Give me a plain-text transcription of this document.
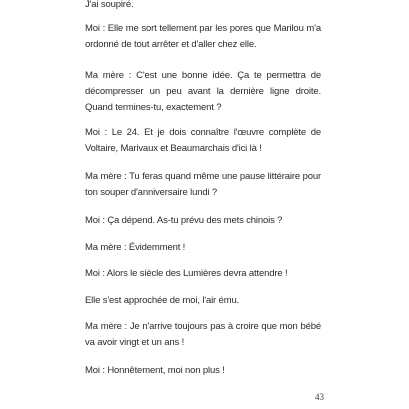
J'ai soupiré.

Moi : Elle me sort tellement par les pores que Marilou m'a ordonné de tout arrêter et d'aller chez elle.

Ma mère : C'est une bonne idée. Ça te permettra de décompresser un peu avant la dernière ligne droite. Quand termines-tu, exactement ?

Moi : Le 24. Et je dois connaître l'œuvre complète de Voltaire, Marivaux et Beaumarchais d'ici là !

Ma mère : Tu feras quand même une pause littéraire pour ton souper d'anniversaire lundi ?

Moi : Ça dépend. As-tu prévu des mets chinois ?

Ma mère : Évidemment !

Moi : Alors le siècle des Lumières devra attendre !

Elle s'est approchée de moi, l'air ému.

Ma mère : Je n'arrive toujours pas à croire que mon bébé va avoir vingt et un ans !

Moi : Honnêtement, moi non plus !

43
